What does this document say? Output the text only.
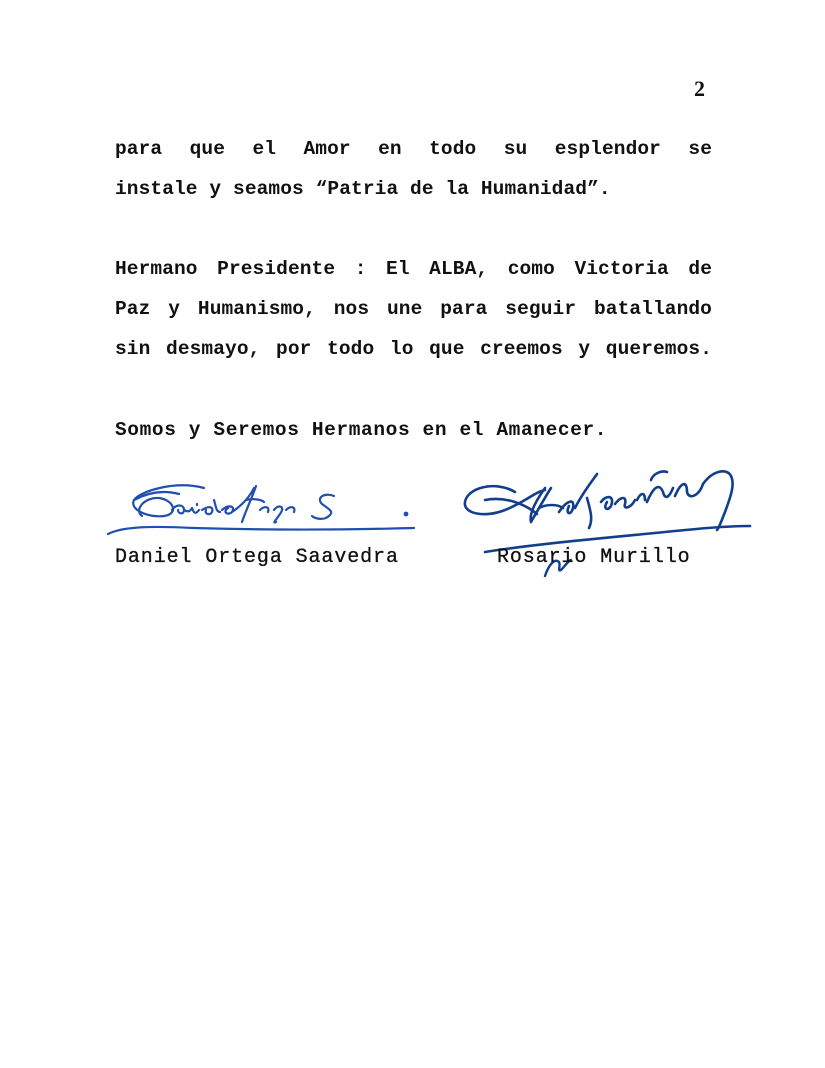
2
para que el Amor en todo su esplendor se
instale y seamos “Patria de la Humanidad”.
Hermano Presidente : El ALBA, como Victoria de
Paz y Humanismo, nos une para seguir batallando
sin desmayo, por todo lo que creemos y queremos.
Somos y Seremos Hermanos en el Amanecer.
Daniel Ortega Saavedra	Rosario Murillo
